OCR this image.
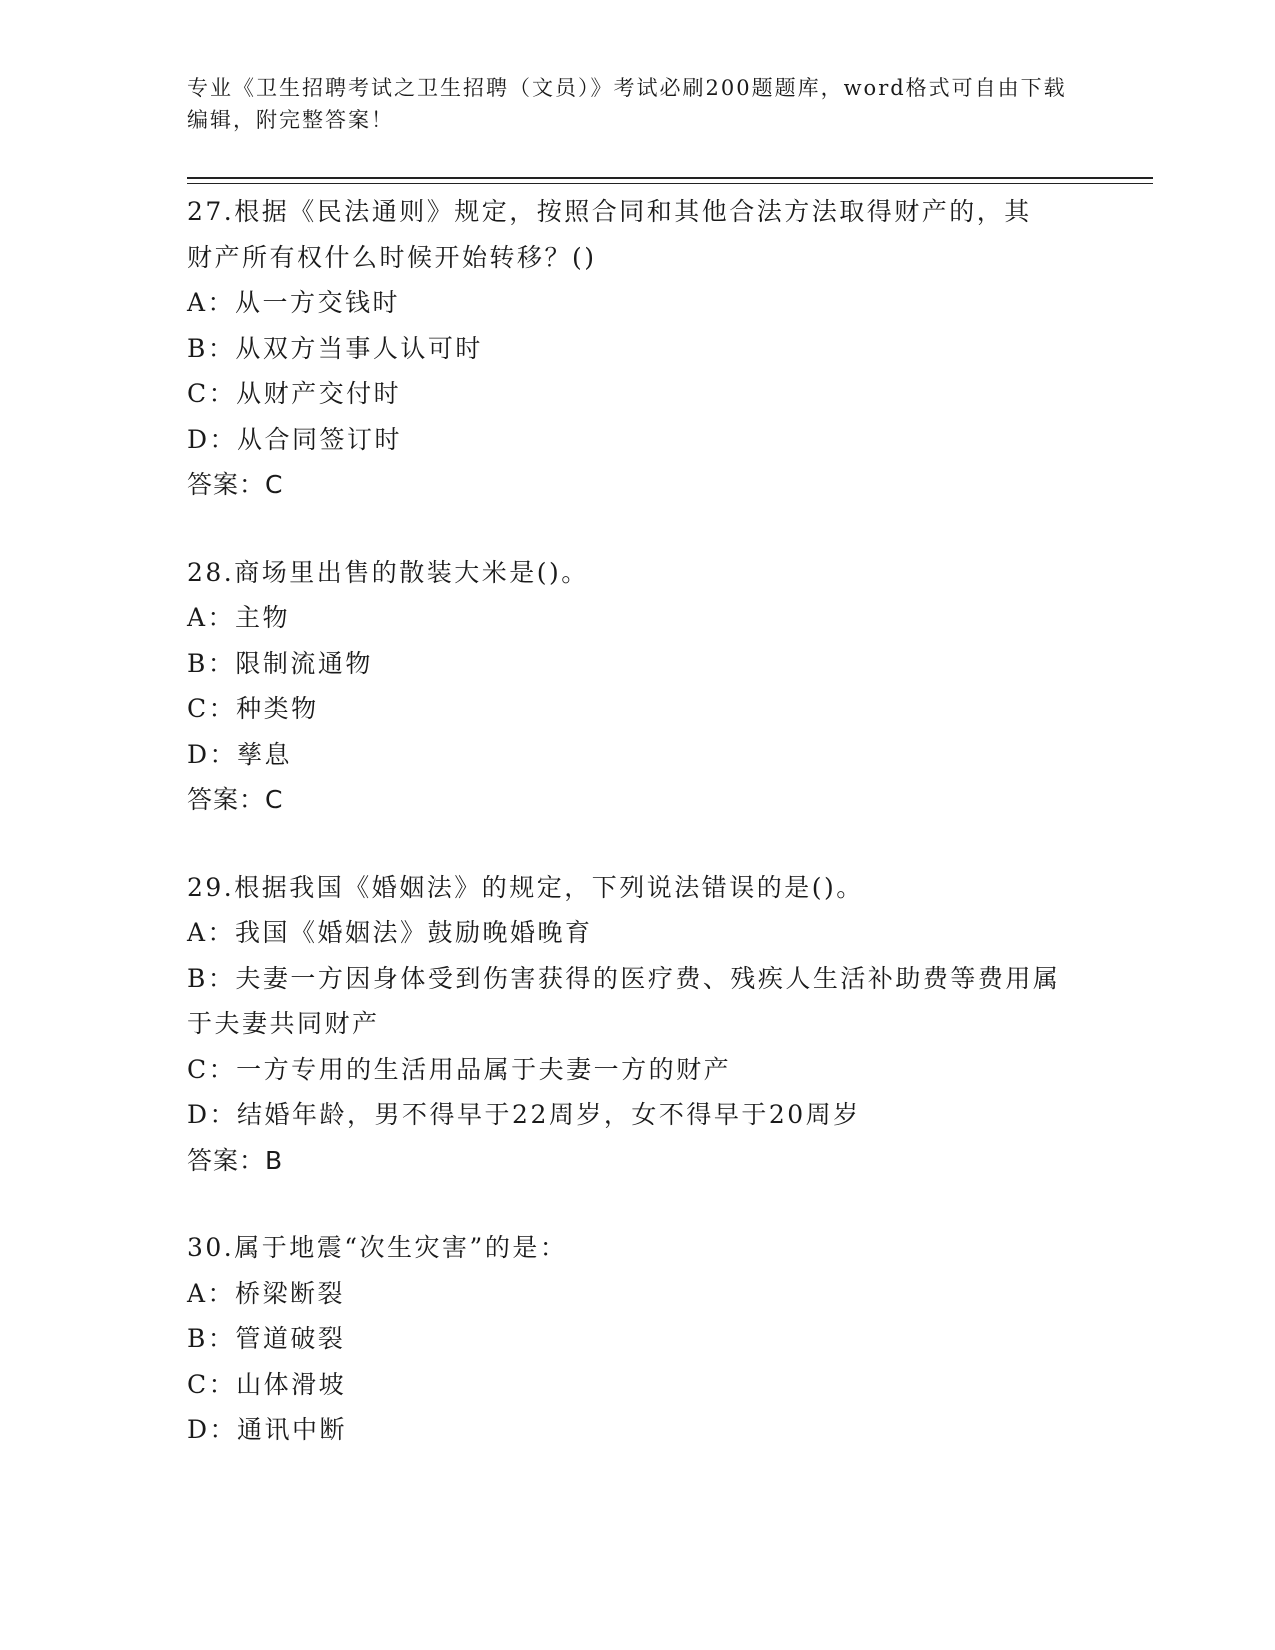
专业《卫生招聘考试之卫生招聘（文员）》考试必刷200题题库，word格式可自由下载编辑，附完整答案！
27.根据《民法通则》规定，按照合同和其他合法方法取得财产的，其
财产所有权什么时候开始转移？()
A：从一方交钱时
B：从双方当事人认可时
C：从财产交付时
D：从合同签订时
答案：C
28.商场里出售的散装大米是()。
A：主物
B：限制流通物
C：种类物
D：孳息
答案：C
29.根据我国《婚姻法》的规定，下列说法错误的是()。
A：我国《婚姻法》鼓励晚婚晚育
B：夫妻一方因身体受到伤害获得的医疗费、残疾人生活补助费等费用属于夫妻共同财产
C：一方专用的生活用品属于夫妻一方的财产
D：结婚年龄，男不得早于22周岁，女不得早于20周岁
答案：B
30.属于地震“次生灾害”的是：
A：桥梁断裂
B：管道破裂
C：山体滑坡
D：通讯中断
